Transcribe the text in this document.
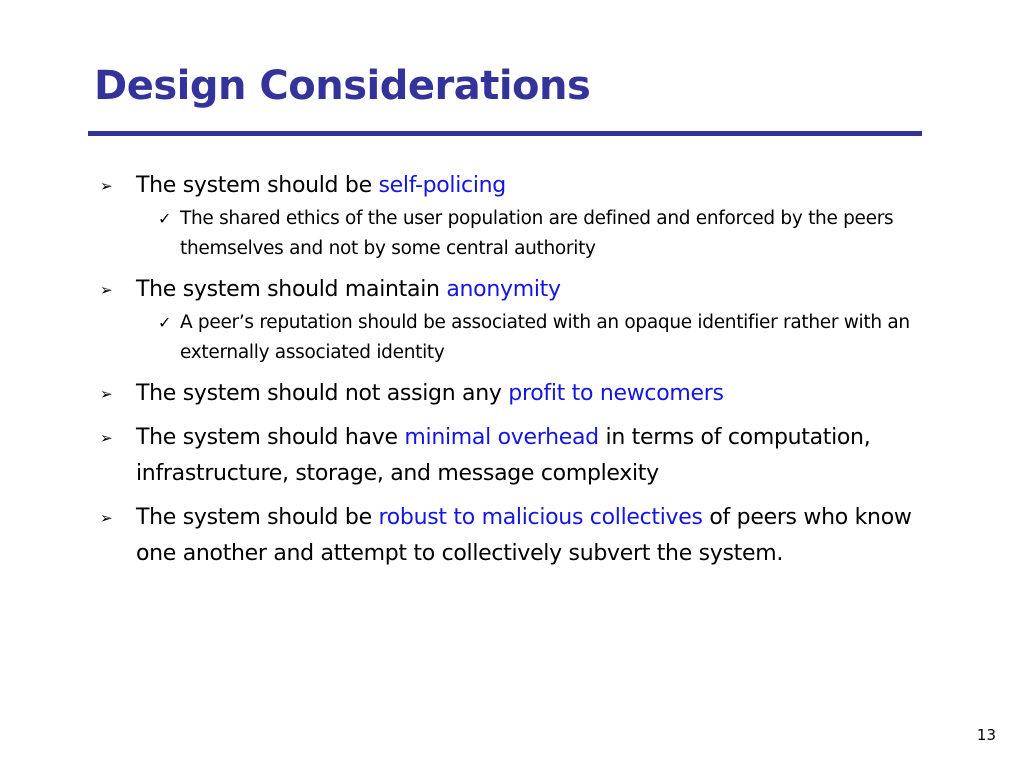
Design Considerations
➢	The system should be self-policing
✓ The shared ethics of the user population are defined and enforced by the peers themselves and not by some central authority
➢	The system should maintain anonymity
✓ A peer’s reputation should be associated with an opaque identifier rather with an externally associated identity
➢	The system should not assign any profit to newcomers
➢	The system should have minimal overhead in terms of computation, infrastructure, storage, and message complexity
➢	The system should be robust to malicious collectives of peers who know one another and attempt to collectively subvert the system.
13
